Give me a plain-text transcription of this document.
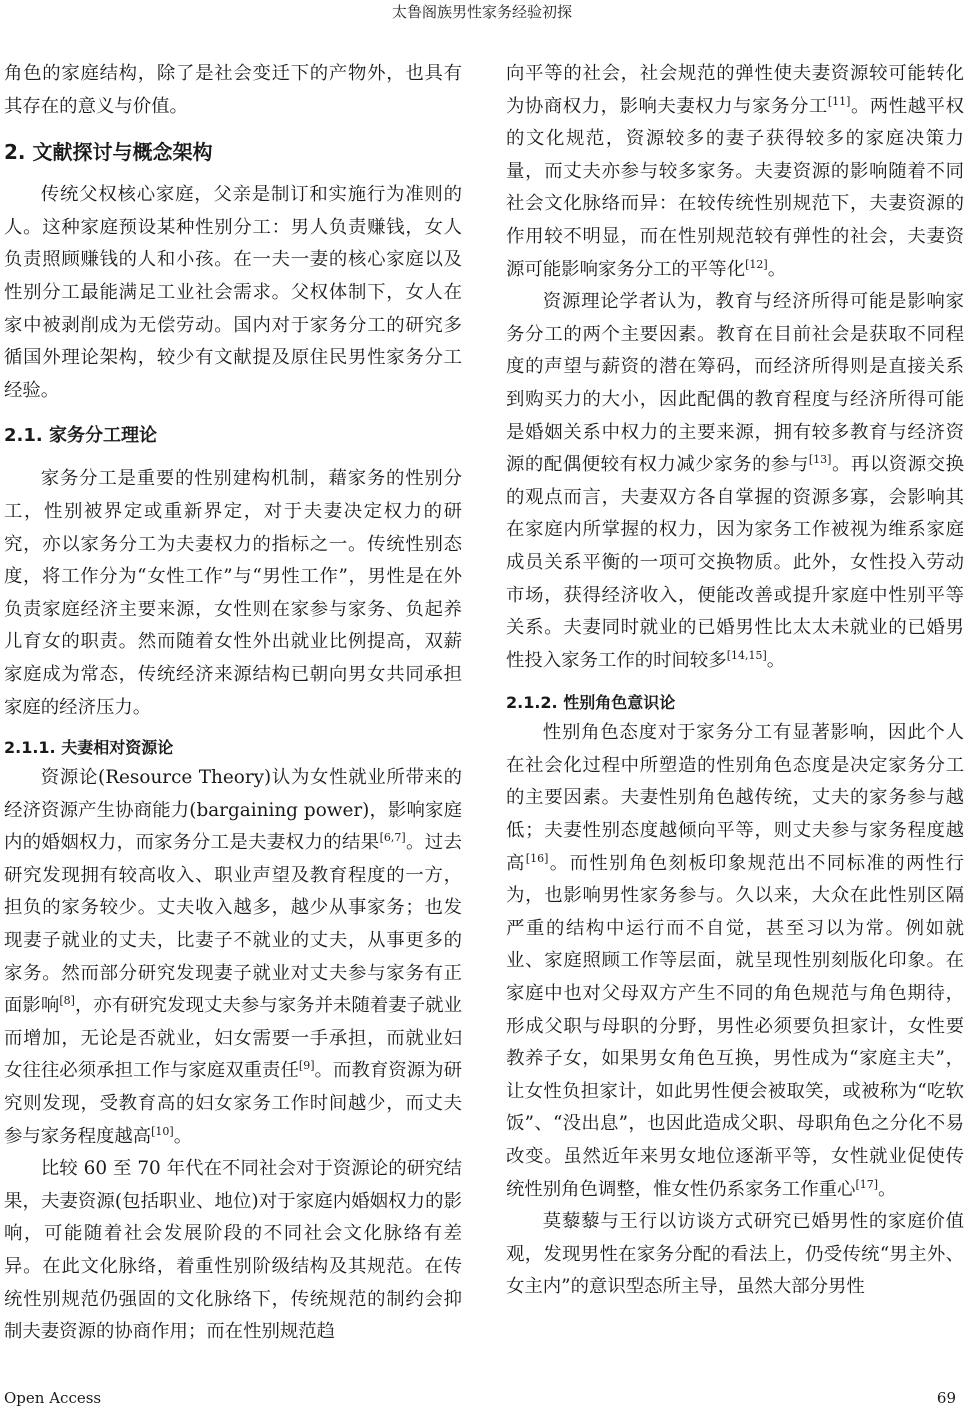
太鲁阁族男性家务经验初探

角色的家庭结构，除了是社会变迁下的产物外，也具有其存在的意义与价值。

2. 文献探讨与概念架构

传统父权核心家庭，父亲是制订和实施行为准则的人。这种家庭预设某种性别分工：男人负责赚钱，女人负责照顾赚钱的人和小孩。在一夫一妻的核心家庭以及性别分工最能满足工业社会需求。父权体制下，女人在家中被剥削成为无偿劳动。国内对于家务分工的研究多循国外理论架构，较少有文献提及原住民男性家务分工经验。

2.1. 家务分工理论

家务分工是重要的性别建构机制，藉家务的性别分工，性别被界定或重新界定，对于夫妻决定权力的研究，亦以家务分工为夫妻权力的指标之一。传统性别态度，将工作分为“女性工作”与“男性工作”，男性是在外负责家庭经济主要来源，女性则在家参与家务、负起养儿育女的职责。然而随着女性外出就业比例提高，双薪家庭成为常态，传统经济来源结构已朝向男女共同承担家庭的经济压力。

2.1.1. 夫妻相对资源论

资源论(Resource Theory)认为女性就业所带来的经济资源产生协商能力(bargaining power)，影响家庭内的婚姻权力，而家务分工是夫妻权力的结果[6,7]。过去研究发现拥有较高收入、职业声望及教育程度的一方，担负的家务较少。丈夫收入越多，越少从事家务；也发现妻子就业的丈夫，比妻子不就业的丈夫，从事更多的家务。然而部分研究发现妻子就业对丈夫参与家务有正面影响[8]，亦有研究发现丈夫参与家务并未随着妻子就业而增加，无论是否就业，妇女需要一手承担，而就业妇女往往必须承担工作与家庭双重责任[9]。而教育资源为研究则发现，受教育高的妇女家务工作时间越少，而丈夫参与家务程度越高[10]。

比较 60 至 70 年代在不同社会对于资源论的研究结果，夫妻资源(包括职业、地位)对于家庭内婚姻权力的影响，可能随着社会发展阶段的不同社会文化脉络有差异。在此文化脉络，着重性别阶级结构及其规范。在传统性别规范仍强固的文化脉络下，传统规范的制约会抑制夫妻资源的协商作用；而在性别规范趋

向平等的社会，社会规范的弹性使夫妻资源较可能转化为协商权力，影响夫妻权力与家务分工[11]。两性越平权的文化规范，资源较多的妻子获得较多的家庭决策力量，而丈夫亦参与较多家务。夫妻资源的影响随着不同社会文化脉络而异：在较传统性别规范下，夫妻资源的作用较不明显，而在性别规范较有弹性的社会，夫妻资源可能影响家务分工的平等化[12]。

资源理论学者认为，教育与经济所得可能是影响家务分工的两个主要因素。教育在目前社会是获取不同程度的声望与薪资的潜在筹码，而经济所得则是直接关系到购买力的大小，因此配偶的教育程度与经济所得可能是婚姻关系中权力的主要来源，拥有较多教育与经济资源的配偶便较有权力减少家务的参与[13]。再以资源交换的观点而言，夫妻双方各自掌握的资源多寡，会影响其在家庭内所掌握的权力，因为家务工作被视为维系家庭成员关系平衡的一项可交换物质。此外，女性投入劳动市场，获得经济收入，便能改善或提升家庭中性别平等关系。夫妻同时就业的已婚男性比太太未就业的已婚男性投入家务工作的时间较多[14,15]。

2.1.2. 性别角色意识论

性别角色态度对于家务分工有显著影响，因此个人在社会化过程中所塑造的性别角色态度是决定家务分工的主要因素。夫妻性别角色越传统，丈夫的家务参与越低；夫妻性别态度越倾向平等，则丈夫参与家务程度越高[16]。而性别角色刻板印象规范出不同标准的两性行为，也影响男性家务参与。久以来，大众在此性别区隔严重的结构中运行而不自觉，甚至习以为常。例如就业、家庭照顾工作等层面，就呈现性别刻版化印象。在家庭中也对父母双方产生不同的角色规范与角色期待，形成父职与母职的分野，男性必须要负担家计，女性要教养子女，如果男女角色互换，男性成为“家庭主夫”，让女性负担家计，如此男性便会被取笑，或被称为“吃软饭”、“没出息”，也因此造成父职、母职角色之分化不易改变。虽然近年来男女地位逐渐平等，女性就业促使传统性别角色调整，惟女性仍系家务工作重心[17]。

莫藜藜与王行以访谈方式研究已婚男性的家庭价值观，发现男性在家务分配的看法上，仍受传统“男主外、女主内”的意识型态所主导，虽然大部分男性

Open Access	69
